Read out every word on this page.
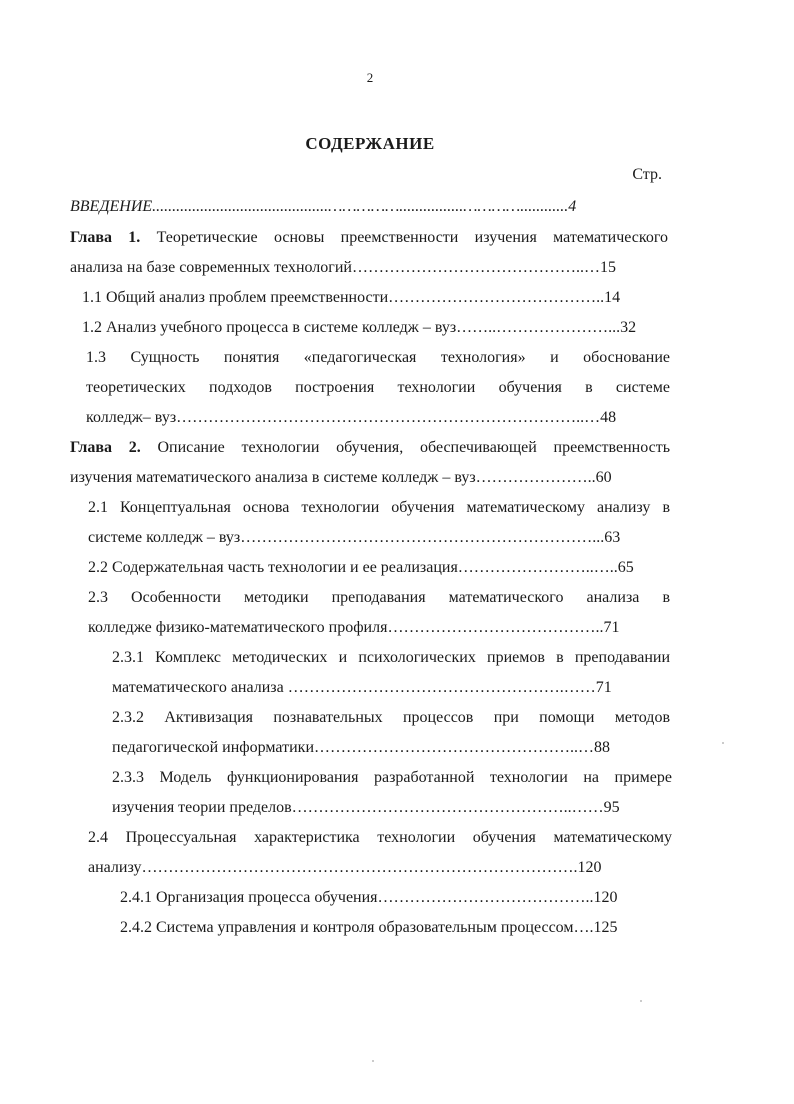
2
СОДЕРЖАНИЕ
Стр.
ВВЕДЕНИЕ............................................……………................…………............4
Глава 1. Теоретические основы преемственности изучения математического
анализа на базе современных технологий……………………………………..…15
1.1 Общий анализ проблем преемственности…………………………………..14
1.2 Анализ учебного процесса в системе колледж – вуз……..…………………...32
1.3 Сущность понятия «педагогическая технология» и обоснование
теоретических подходов построения технологии обучения в системе
колледж– вуз…………………………………………………………………..…48
Глава 2. Описание технологии обучения, обеспечивающей преемственность
изучения математического анализа в системе колледж – вуз…………………..60
2.1 Концептуальная основа технологии обучения математическому анализу в
системе колледж – вуз…………………………………………………………...63
2.2 Содержательная часть технологии и ее реализация……………………..…..65
2.3 Особенности методики преподавания математического анализа в
колледже физико-математического профиля…………………………………..71
2.3.1 Комплекс методических и психологических приемов в преподавании
математического анализа …………………………………………….……71
2.3.2 Активизация познавательных процессов при помощи методов
педагогической информатики…………………………………………..…88
2.3.3 Модель функционирования разработанной технологии на примере
изучения теории пределов……………………………………………..……95
2.4 Процессуальная характеристика технологии обучения математическому
анализу……………………………………………………………………….120
2.4.1 Организация процесса обучения…………………………………..120
2.4.2 Система управления и контроля образовательным процессом….125
